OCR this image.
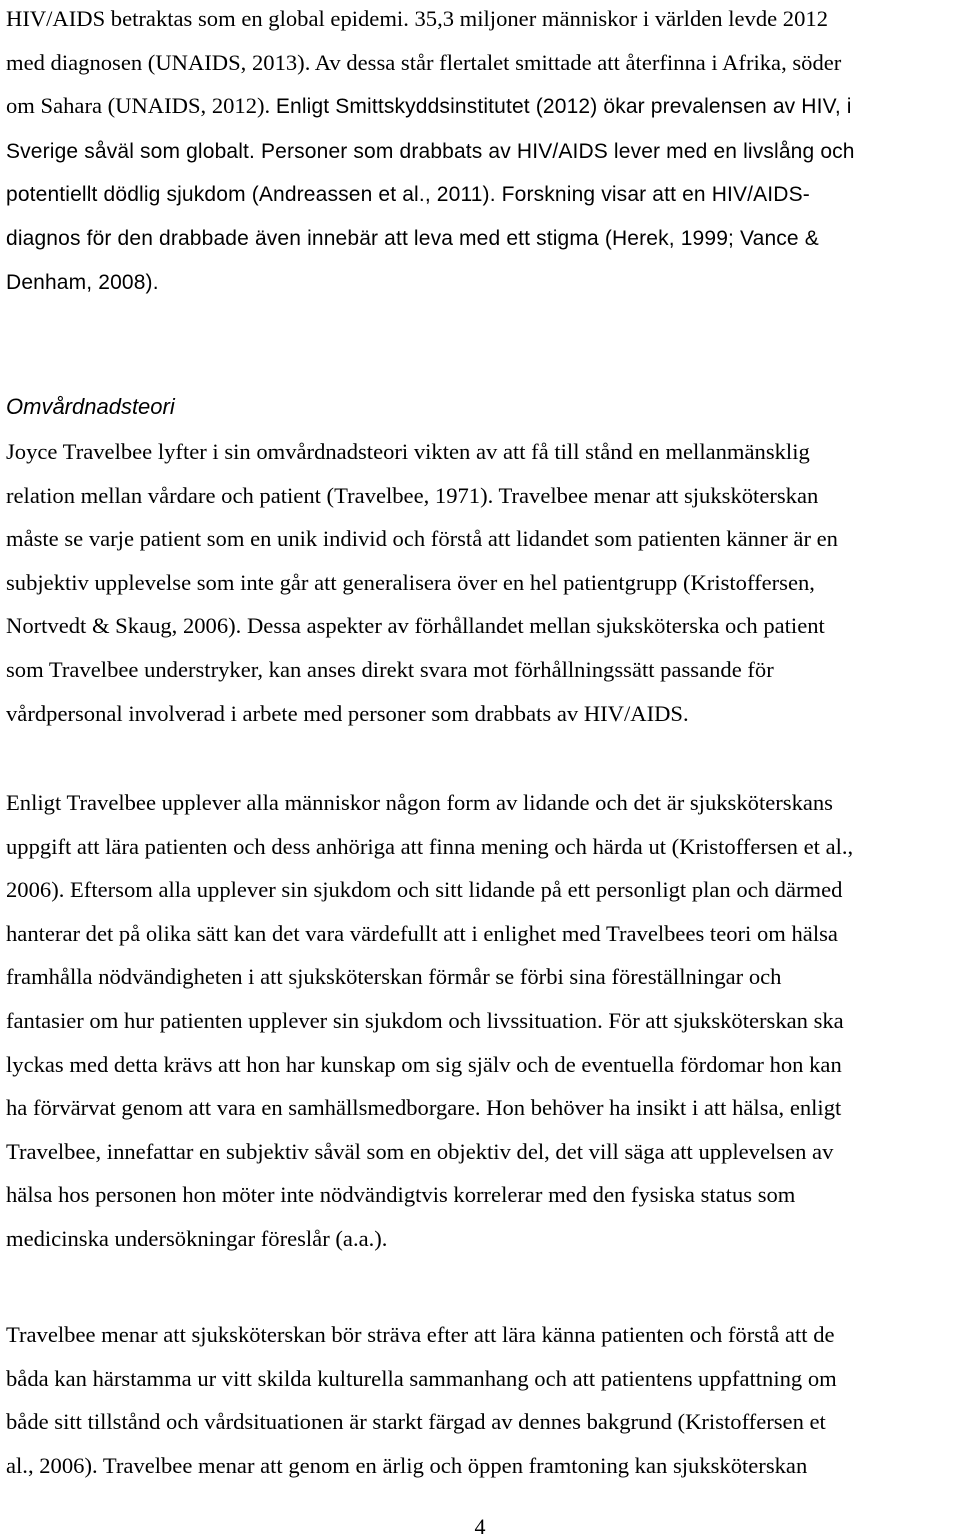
HIV/AIDS betraktas som en global epidemi. 35,3 miljoner människor i världen levde 2012
med diagnosen (UNAIDS, 2013). Av dessa står flertalet smittade att återfinna i Afrika, söder
om Sahara (UNAIDS, 2012). Enligt Smittskyddsinstitutet (2012) ökar prevalensen av HIV, i
Sverige såväl som globalt. Personer som drabbats av HIV/AIDS lever med en livslång och
potentiellt dödlig sjukdom (Andreassen et al., 2011). Forskning visar att en HIV/AIDS-
diagnos för den drabbade även innebär att leva med ett stigma (Herek, 1999; Vance &
Denham, 2008).

Omvårdnadsteori

Joyce Travelbee lyfter i sin omvårdnadsteori vikten av att få till stånd en mellanmänsklig
relation mellan vårdare och patient (Travelbee, 1971). Travelbee menar att sjuksköterskan
måste se varje patient som en unik individ och förstå att lidandet som patienten känner är en
subjektiv upplevelse som inte går att generalisera över en hel patientgrupp (Kristoffersen,
Nortvedt & Skaug, 2006). Dessa aspekter av förhållandet mellan sjuksköterska och patient
som Travelbee understryker, kan anses direkt svara mot förhållningssätt passande för
vårdpersonal involverad i arbete med personer som drabbats av HIV/AIDS.

Enligt Travelbee upplever alla människor någon form av lidande och det är sjuksköterskans
uppgift att lära patienten och dess anhöriga att finna mening och härda ut (Kristoffersen et al.,
2006). Eftersom alla upplever sin sjukdom och sitt lidande på ett personligt plan och därmed
hanterar det på olika sätt kan det vara värdefullt att i enlighet med Travelbees teori om hälsa
framhålla nödvändigheten i att sjuksköterskan förmår se förbi sina föreställningar och
fantasier om hur patienten upplever sin sjukdom och livssituation. För att sjuksköterskan ska
lyckas med detta krävs att hon har kunskap om sig själv och de eventuella fördomar hon kan
ha förvärvat genom att vara en samhällsmedborgare. Hon behöver ha insikt i att hälsa, enligt
Travelbee, innefattar en subjektiv såväl som en objektiv del, det vill säga att upplevelsen av
hälsa hos personen hon möter inte nödvändigtvis korrelerar med den fysiska status som
medicinska undersökningar föreslår (a.a.).

Travelbee menar att sjuksköterskan bör sträva efter att lära känna patienten och förstå att de
båda kan härstamma ur vitt skilda kulturella sammanhang och att patientens uppfattning om
både sitt tillstånd och vårdsituationen är starkt färgad av dennes bakgrund (Kristoffersen et
al., 2006). Travelbee menar att genom en ärlig och öppen framtoning kan sjuksköterskan

4
